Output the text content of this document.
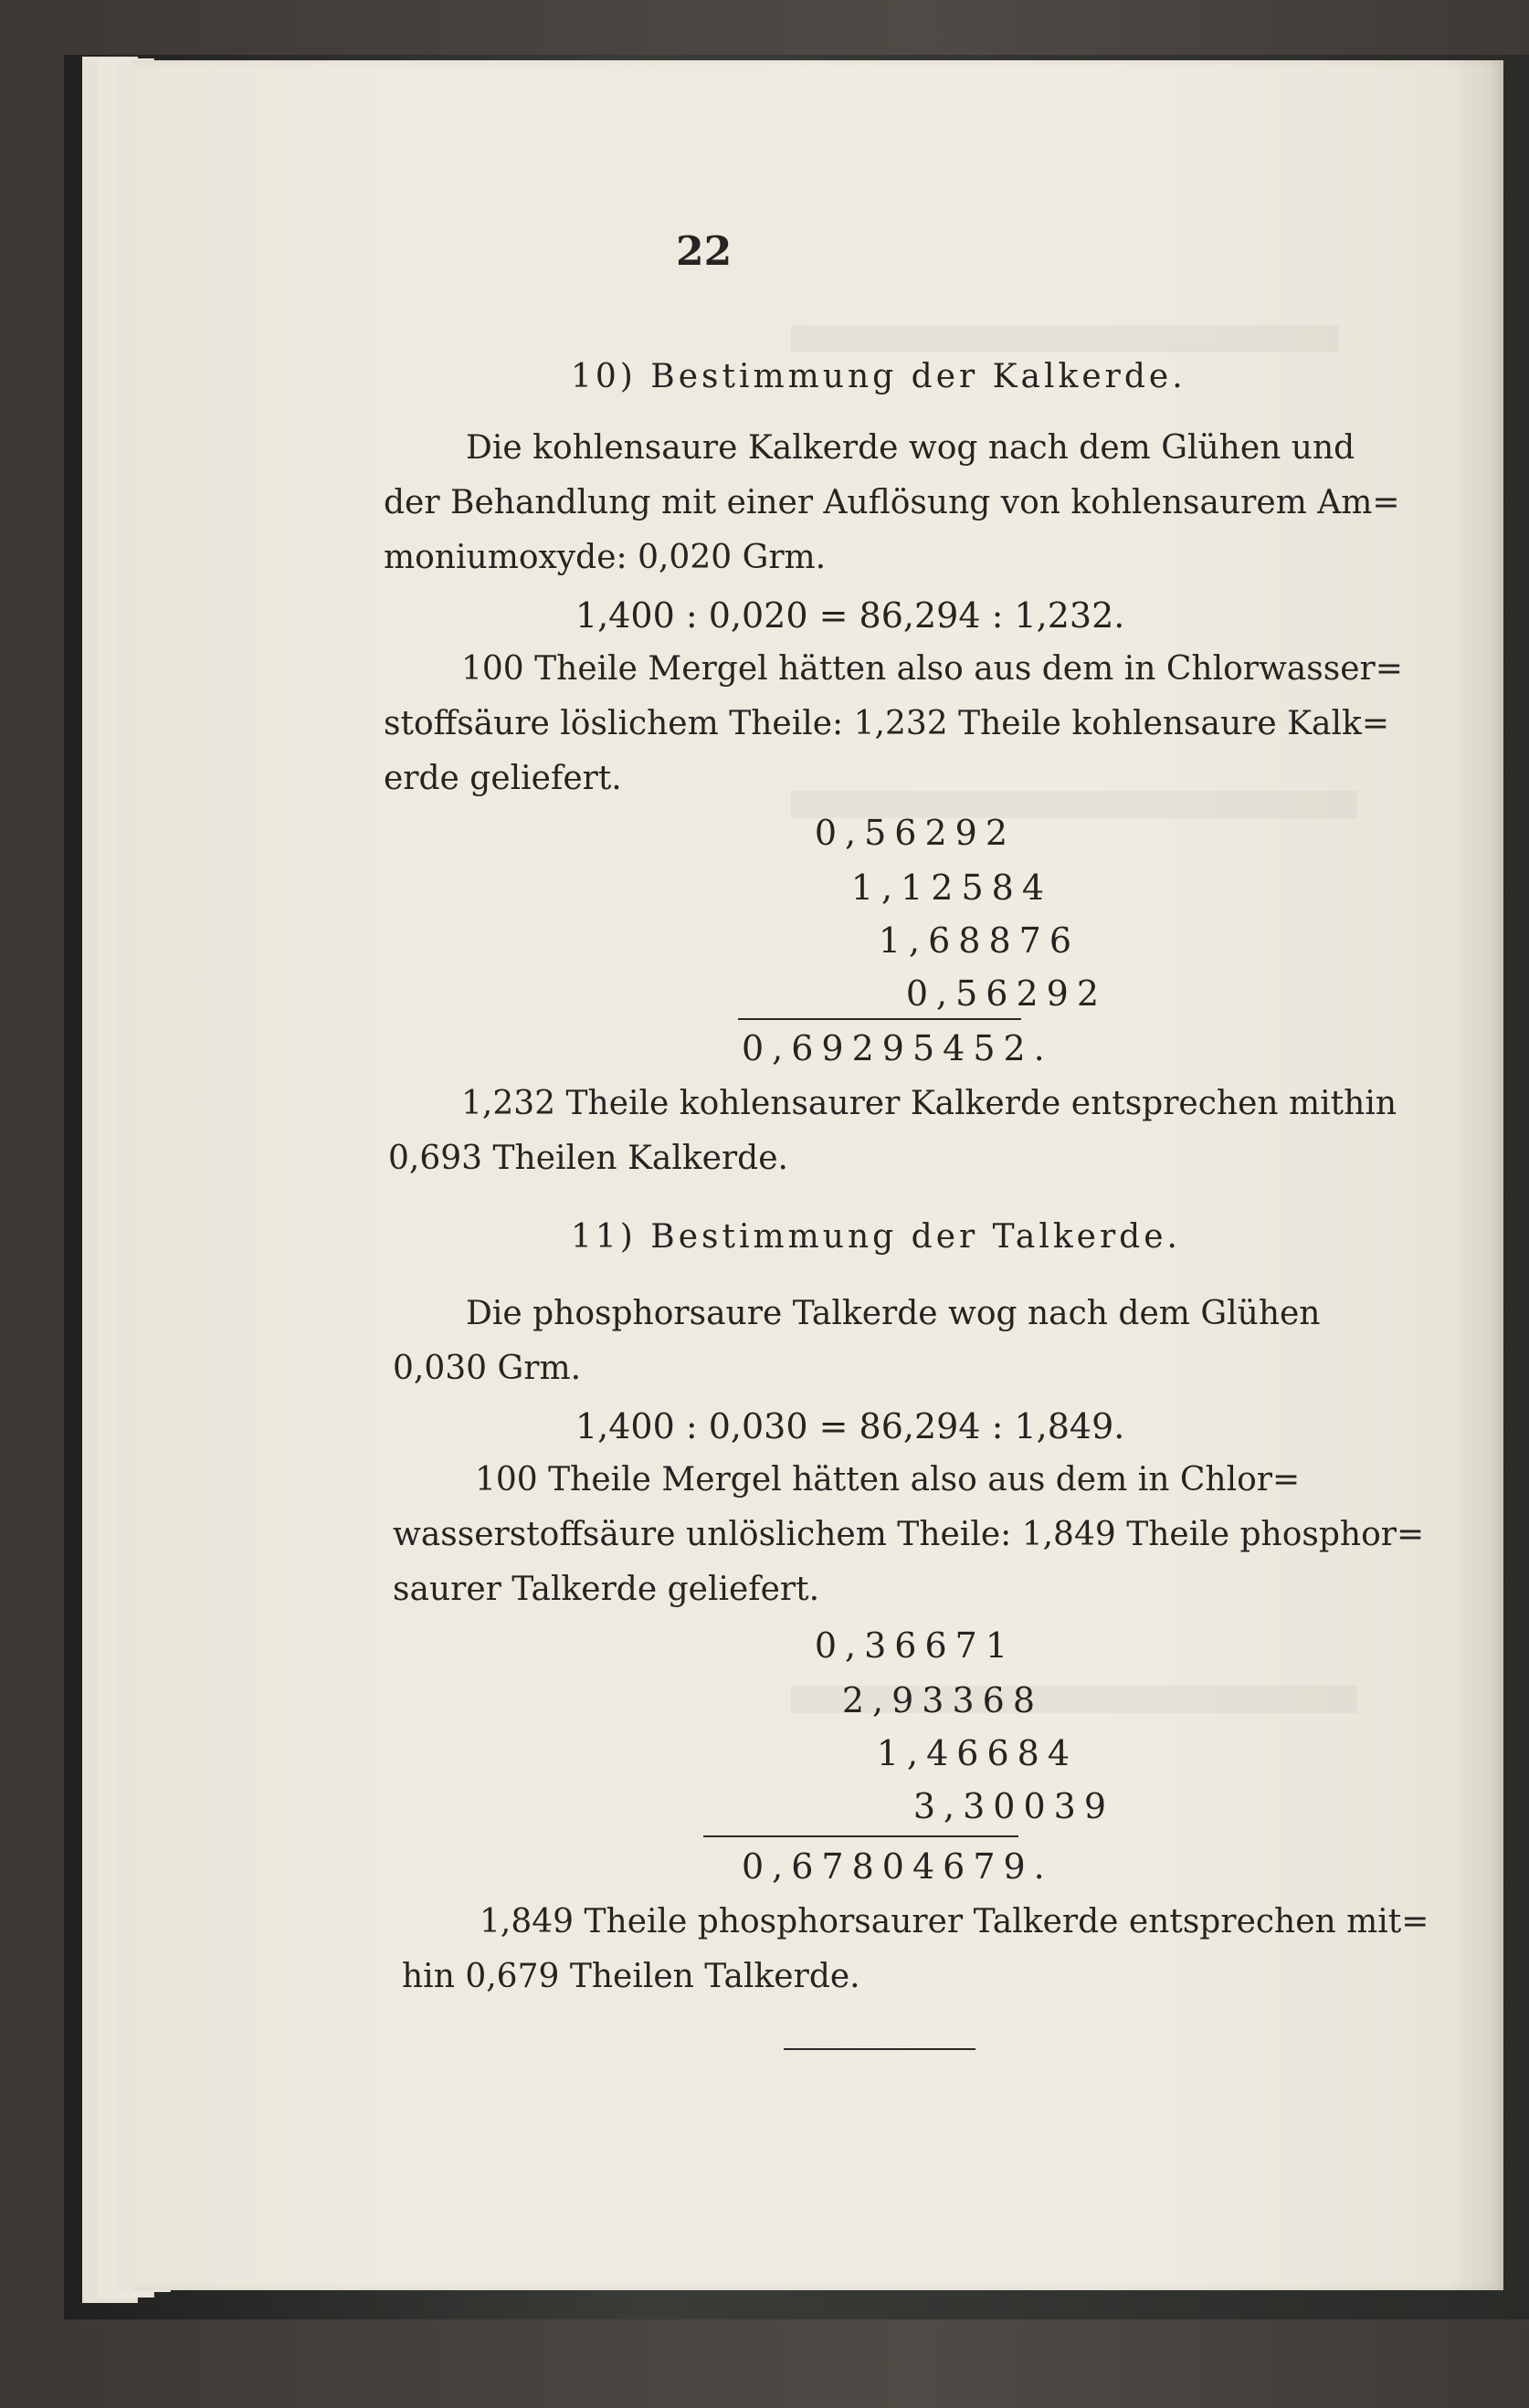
22
10) Bestimmung der Kalkerde.
Die kohlensaure Kalkerde wog nach dem Glühen und
der Behandlung mit einer Auflösung von kohlensaurem Am=
moniumoxyde: 0,020 Grm.
1,400 : 0,020 = 86,294 : 1,232.
100 Theile Mergel hätten also aus dem in Chlorwasser=
stoffsäure löslichem Theile: 1,232 Theile kohlensaure Kalk=
erde geliefert.
0,56292
1,12584
1,68876
0,56292
0,69295452.
1,232 Theile kohlensaurer Kalkerde entsprechen mithin
0,693 Theilen Kalkerde.
11) Bestimmung der Talkerde.
Die phosphorsaure Talkerde wog nach dem Glühen
0,030 Grm.
1,400 : 0,030 = 86,294 : 1,849.
100 Theile Mergel hätten also aus dem in Chlor=
wasserstoffsäure unlöslichem Theile: 1,849 Theile phosphor=
saurer Talkerde geliefert.
0,36671
2,93368
1,46684
3,30039
0,67804679.
1,849 Theile phosphorsaurer Talkerde entsprechen mit=
hin 0,679 Theilen Talkerde.
